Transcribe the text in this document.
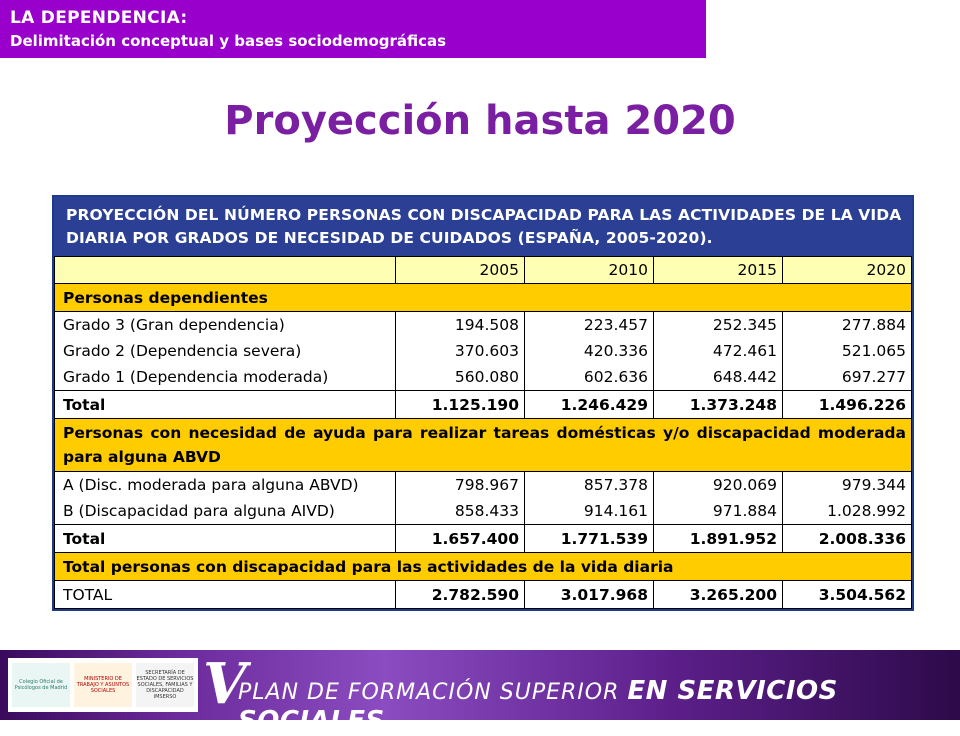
LA DEPENDENCIA:
Delimitación conceptual y bases sociodemográficas
Proyección hasta 2020
PROYECCIÓN DEL NÚMERO PERSONAS CON DISCAPACIDAD PARA LAS ACTIVIDADES DE LA VIDA DIARIA POR GRADOS DE NECESIDAD DE CUIDADOS (ESPAÑA, 2005-2020).
	2005	2010	2015	2020
Personas dependientes				
Grado 3 (Gran dependencia)	194.508	223.457	252.345	277.884
Grado 2 (Dependencia severa)	370.603	420.336	472.461	521.065
Grado 1 (Dependencia moderada)	560.080	602.636	648.442	697.277
Total	1.125.190	1.246.429	1.373.248	1.496.226
Personas con necesidad de ayuda para realizar tareas domésticas y/o discapacidad moderada para alguna ABVD				
A (Disc. moderada para alguna ABVD)	798.967	857.378	920.069	979.344
B (Discapacidad para alguna AIVD)	858.433	914.161	971.884	1.028.992
Total	1.657.400	1.771.539	1.891.952	2.008.336
Total personas con discapacidad para las actividades de la vida diaria				
TOTAL	2.782.590	3.017.968	3.265.200	3.504.562
Colegio Oficial de Psicólogos de Madrid
MINISTERIO DE TRABAJO Y ASUNTOS SOCIALES
SECRETARÍA DE ESTADO DE SERVICIOS SOCIALES, FAMILIAS Y DISCAPACIDAD IMSERSO V
PLAN DE FORMACIÓN SUPERIOR EN SERVICIOS SOCIALES
